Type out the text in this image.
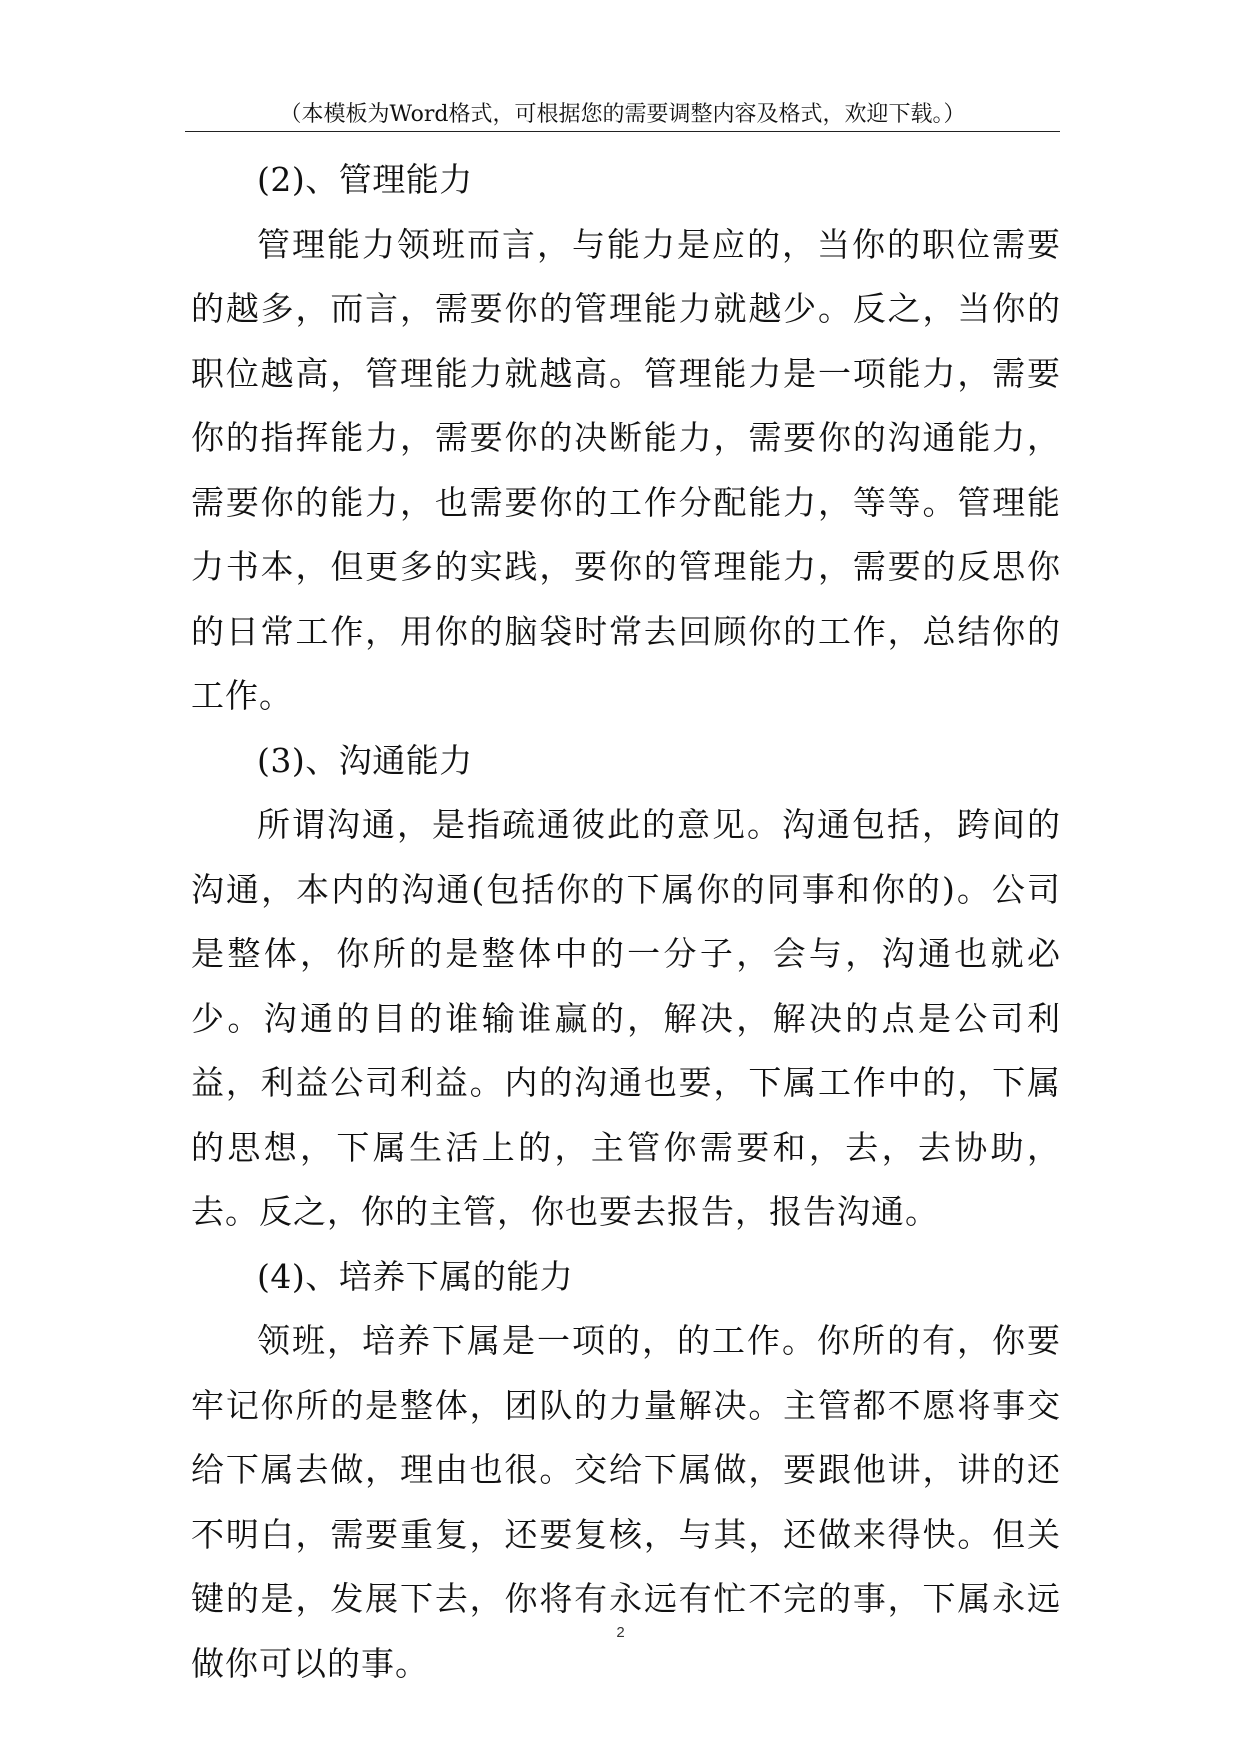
（本模板为Word格式，可根据您的需要调整内容及格式，欢迎下载。）

(2)、管理能力

管理能力领班而言，与能力是应的，当你的职位需要的越多，而言，需要你的管理能力就越少。反之，当你的职位越高，管理能力就越高。管理能力是一项能力，需要你的指挥能力，需要你的决断能力，需要你的沟通能力，需要你的能力，也需要你的工作分配能力，等等。管理能力书本，但更多的实践，要你的管理能力，需要的反思你的日常工作，用你的脑袋时常去回顾你的工作，总结你的工作。

(3)、沟通能力

所谓沟通，是指疏通彼此的意见。沟通包括，跨间的沟通，本内的沟通(包括你的下属你的同事和你的)。公司是整体，你所的是整体中的一分子，会与，沟通也就必少。沟通的目的谁输谁赢的，解决，解决的点是公司利益，利益公司利益。内的沟通也要，下属工作中的，下属的思想，下属生活上的，主管你需要和，去，去协助，去。反之，你的主管，你也要去报告，报告沟通。

(4)、培养下属的能力

领班，培养下属是一项的，的工作。你所的有，你要牢记你所的是整体，团队的力量解决。主管都不愿将事交给下属去做，理由也很。交给下属做，要跟他讲，讲的还不明白，需要重复，还要复核，与其，还做来得快。但关键的是，发展下去，你将有永远有忙不完的事，下属永远做你可以的事。

2
